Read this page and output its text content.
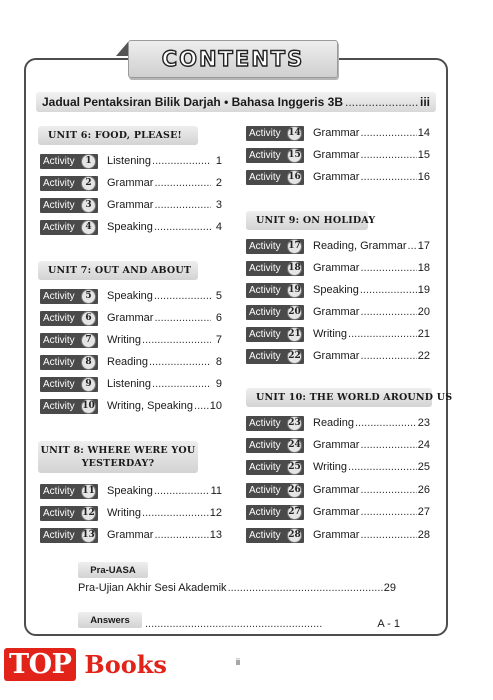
CONTENTS
Jadual Pentaksiran Bilik Darjah • Bahasa Inggeris 3B .....	iii
UNIT 6: FOOD, PLEASE!
Activity	1	Listening .....	1
Activity	2	Grammar .....	2
Activity	3	Grammar .....	3
Activity	4	Speaking .....	4
UNIT 7: OUT AND ABOUT
Activity	5	Speaking .....	5
Activity	6	Grammar .....	6
Activity	7	Writing .....	7
Activity	8	Reading .....	8
Activity	9	Listening .....	9
Activity 10 Writing, Speaking ..... 10
UNIT 8: WHERE WERE YOU
YESTERDAY?
Activity 11 Speaking .....	11
Activity 12 Writing .....	12
Activity 13 Grammar .....	13
Activity 14 Grammar .....	14
Activity 15 Grammar .....	15
Activity 16 Grammar .....	16
UNIT 9: ON HOLIDAY
Activity 17 Reading, Grammar ..... 17
Activity 18 Grammar .....	18
Activity 19 Speaking .....	19
Activity 20 Grammar .....	20
Activity 21 Writing .....	21
Activity 22 Grammar .....	22
UNIT 10: THE WORLD AROUND US
Activity 23 Reading .....	23
Activity 24 Grammar .....	24
Activity 25 Writing .....	25
Activity 26 Grammar .....	26
Activity 27 Grammar .....	27
Activity 28 Grammar .....	28
Pra-UASA
Pra-Ujian Akhir Sesi Akademik .....	29
Answers .....	A - 1
ii
TOP Books
